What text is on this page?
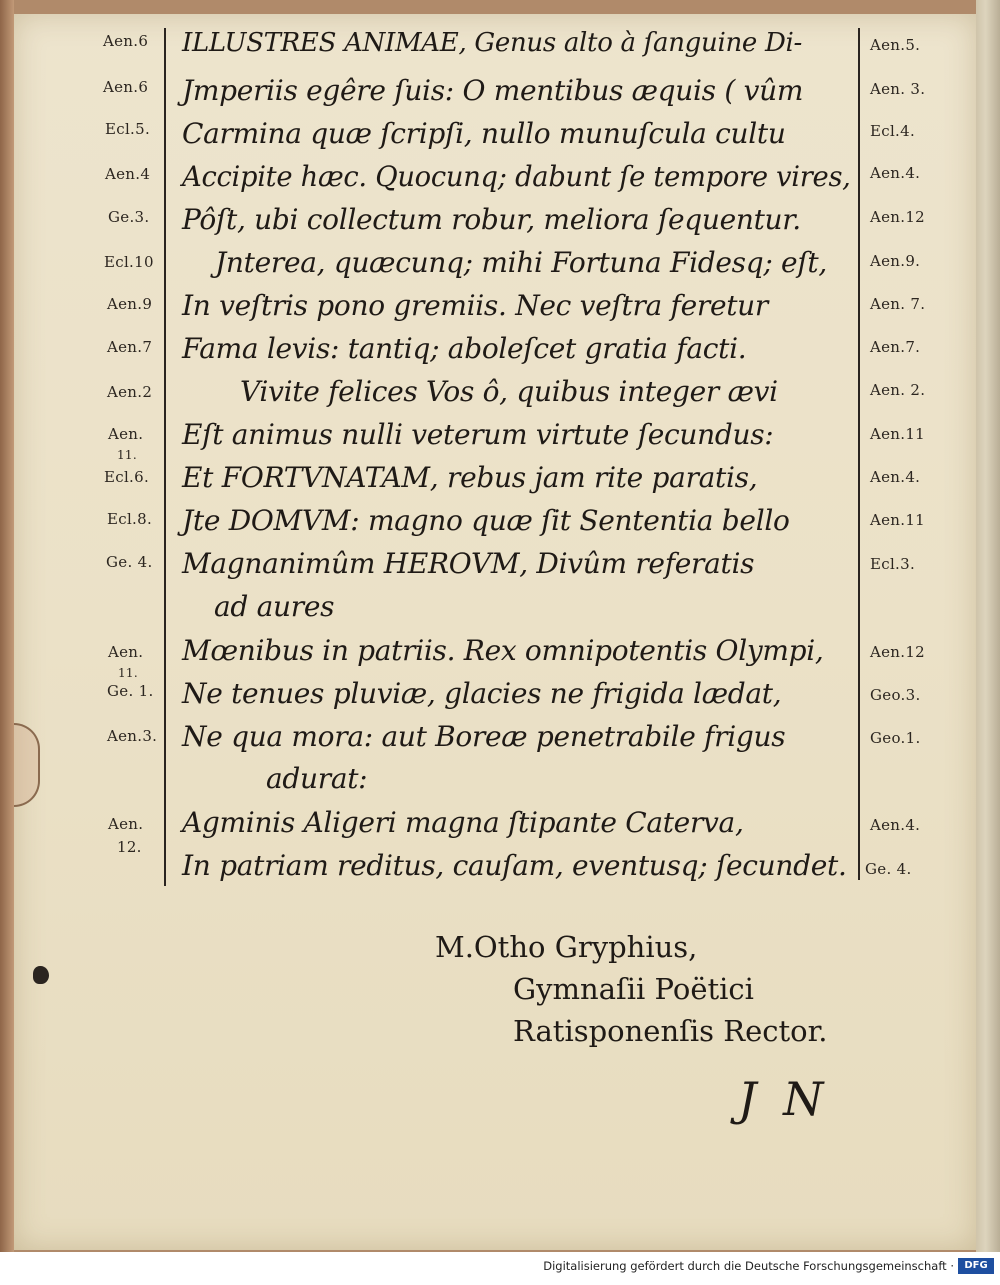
Aen.6
Aen.6
Ecl.5.
Aen.4
Ge.3.
Ecl.10
Aen.9
Aen.7
Aen.2
Aen.
11.
Ecl.6.
Ecl.8.
Ge. 4.
Aen.
11.
Ge. 1.
Aen.3.
Aen.
12.
Aen.5.
Aen. 3.
Ecl.4.
Aen.4.
Aen.12
Aen.9.
Aen. 7.
Aen.7.
Aen. 2.
Aen.11
Aen.4.
Aen.11
Ecl.3.
Aen.12
Geo.3.
Geo.1.
Aen.4.
Ge. 4.
ILLUSTRES ANIMAE, Genus alto à ſanguine Di-
Jmperiis egêre ſuis: O mentibus æquis ( vûm
Carmina quæ ſcripſi, nullo munuſcula cultu
Accipite hæc. Quocunq; dabunt ſe tempore vires,
Pôſt, ubi collectum robur, meliora ſequentur.
Jnterea, quæcunq; mihi Fortuna Fidesq; eſt,
In veſtris pono gremiis. Nec veſtra feretur
Fama levis: tantiq; aboleſcet gratia facti.
Vivite felices Vos ô, quibus integer ævi
Eſt animus nulli veterum virtute ſecundus:
Et FORTVNATAM, rebus jam rite paratis,
Jte DOMVM: magno quæ ſit Sententia bello
Magnanimûm HEROVM, Divûm referatis
ad aures
Mœnibus in patriis. Rex omnipotentis Olympi,
Ne tenues pluviæ, glacies ne frigida lædat,
Ne qua mora: aut Boreæ penetrabile frigus
adurat:
Agminis Aligeri magna ſtipante Caterva,
In patriam reditus, cauſam, eventusq; ſecundet.
M.Otho Gryphius,
Gymnaſii Poëtici
Ratisponenſis Rector.
J N
Digitalisierung gefördert durch die Deutsche Forschungsgemeinschaft ·	DFG
